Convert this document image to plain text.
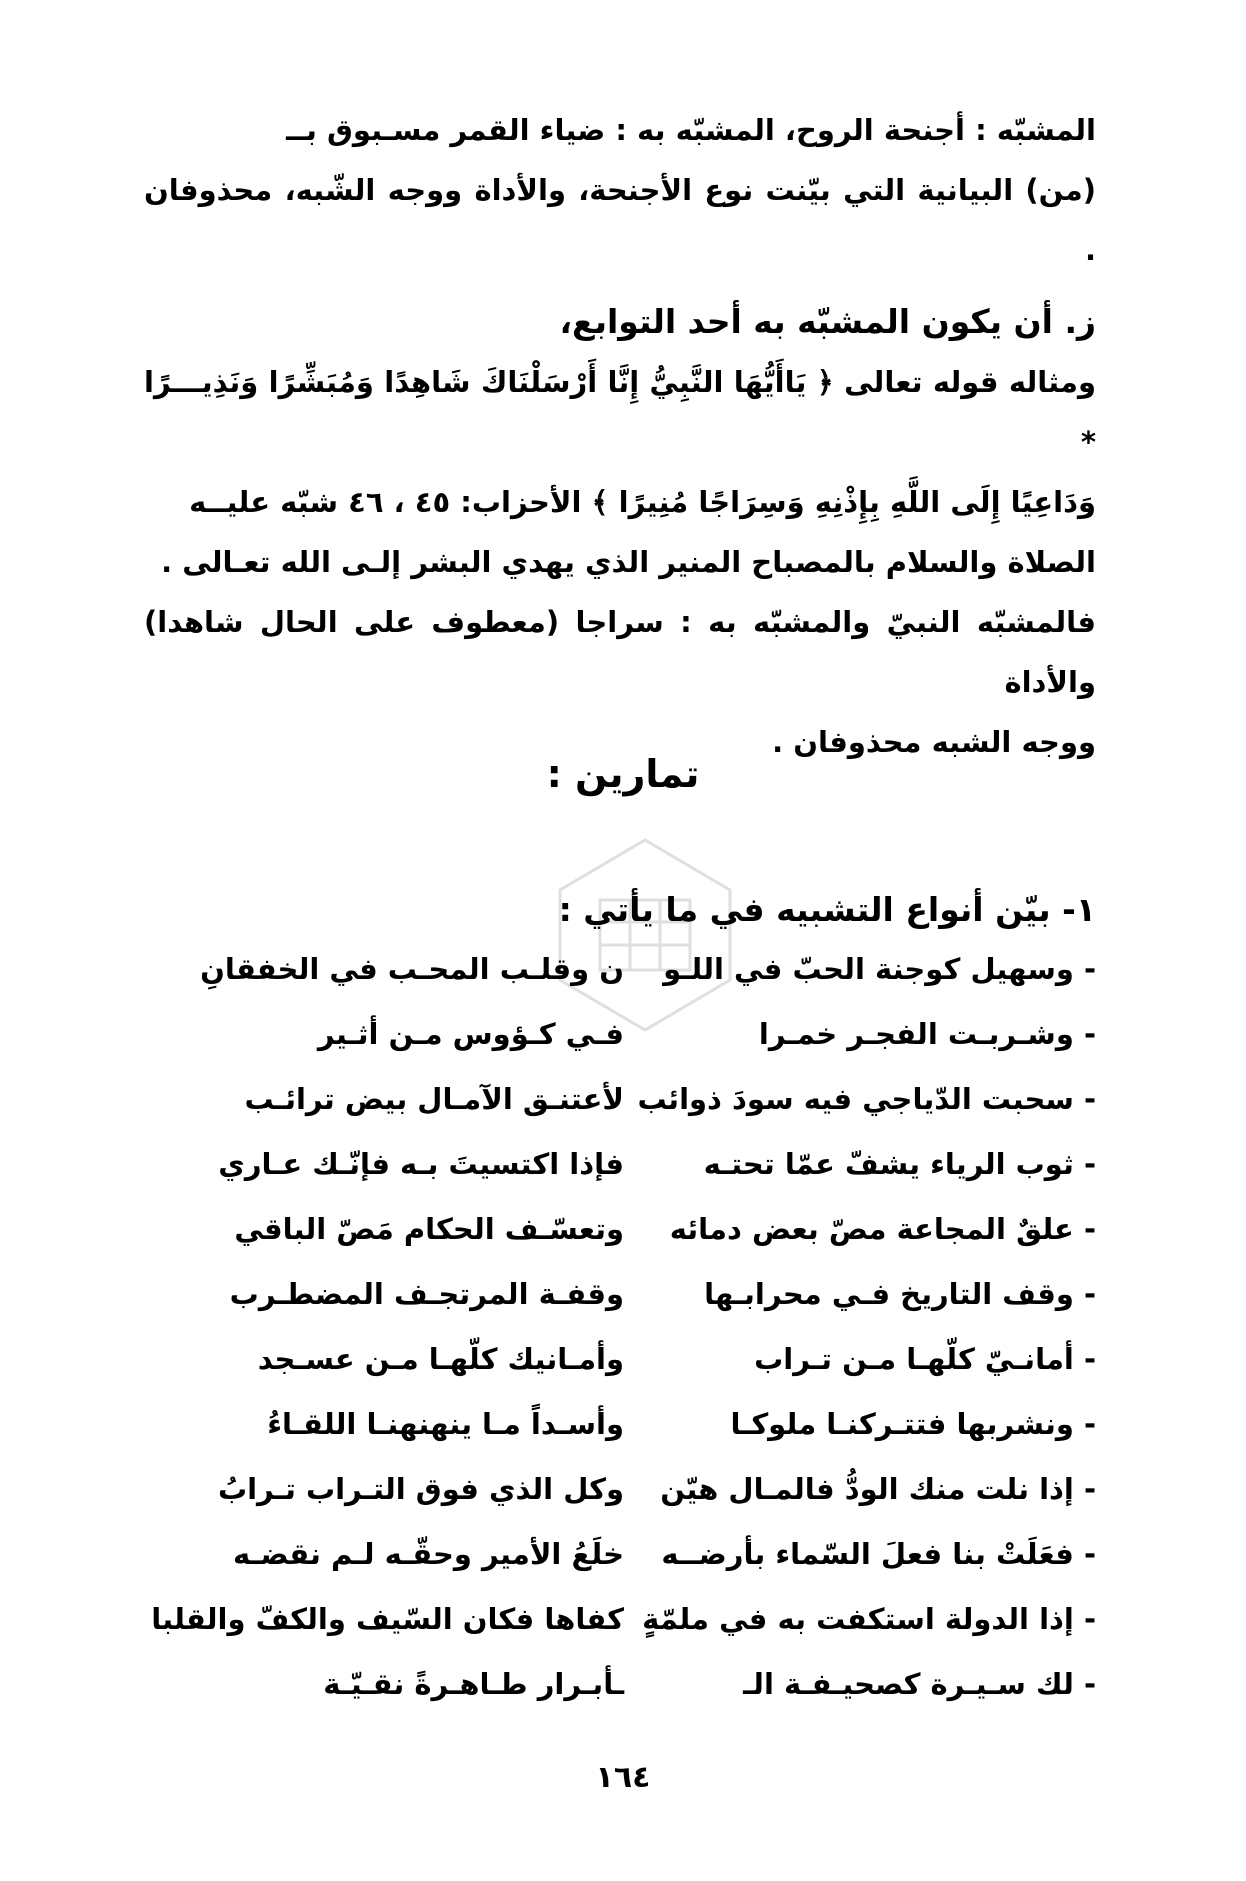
المشبّه : أجنحة الروح، المشبّه به : ضياء القمر مسـبوق بــ
(من) البيانية التي بيّنت نوع الأجنحة، والأداة ووجه الشّبه، محذوفان .
ز. أن يكون المشبّه به أحد التوابع،
ومثاله قوله تعالى ﴿ يَاأَيُّهَا النَّبِيُّ إِنَّا أَرْسَلْنَاكَ شَاهِدًا وَمُبَشِّرًا وَنَذِيـــرًا *
وَدَاعِيًا إِلَى اللَّهِ بِإِذْنِهِ وَسِرَاجًا مُنِيرًا ﴾ الأحزاب: ٤٥ ، ٤٦ شبّه عليــه
الصلاة والسلام بالمصباح المنير الذي يهدي البشر إلـى الله تعـالى .
فالمشبّه النبيّ والمشبّه به : سراجا (معطوف على الحال شاهدا) والأداة
ووجه الشبه محذوفان .
تمارين :
١- بيّن أنواع التشبيه في ما يأتي :
- وسهيل كوجنة الحبّ في اللـو
ن وقلـب المحـب في الخفقانِ
- وشـربـت الفجـر خمـرا
فـي كـؤوس مـن أثـير
- سحبت الدّياجي فيه سودَ ذوائب
لأعتنـق الآمـال بيض ترائـب
- ثوب الرياء يشفّ عمّا تحتـه
فإذا اكتسيتَ بـه فإنّـك عـاري
- علقٌ المجاعة مصّ بعض دمائه
وتعسّـف الحكام مَصّ الباقي
- وقف التاريخ فـي محرابـها
وقفـة المرتجـف المضطـرب
- أمانـيّ كلّهـا مـن تـراب
وأمـانيك كلّهـا مـن عسـجد
- ونشربها فتتـركنـا ملوكـا
وأسـداً مـا ينهنهنـا اللقـاءُ
- إذا نلت منك الودُّ فالمـال هيّن
وكل الذي فوق التـراب تـرابُ
- فعَلَتْ بنا فعلَ السّماء بأرضــه
خلَعُ الأمير وحقّـه لـم نقضـه
- إذا الدولة استكفت به في ملمّةٍ
كفاها فكان السّيف والكفّ والقلبا
- لك سـيـرة كصحيـفـة الـ
ـأبـرار طـاهـرةً نقـيّـة
١٦٤
